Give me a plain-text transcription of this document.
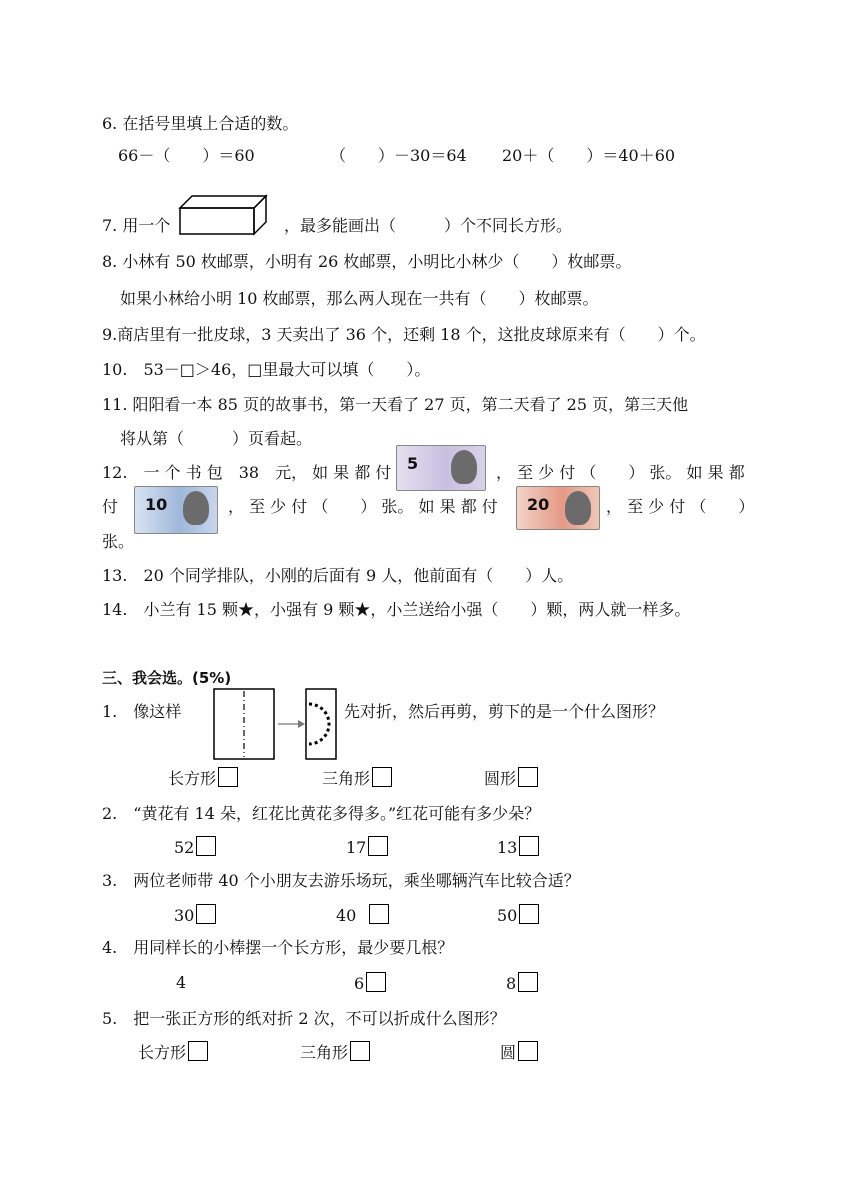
6. 在括号里填上合适的数。
66－（　　）＝60	（　　）－30＝64 20＋（　　）＝40＋60
7. 用一个	，最多能画出（　　　）个不同长方形。
8. 小林有 50 枚邮票，小明有 26 枚邮票，小明比小林少（　　）枚邮票。
如果小林给小明 10 枚邮票，那么两人现在一共有（　　）枚邮票。
9.商店里有一批皮球，3 天卖出了 36 个，还剩 18 个，这批皮球原来有（　　）个。
10.　53－□＞46，□里最大可以填（　　）。
11. 阳阳看一本 85 页的故事书，第一天看了 27 页，第二天看了 25 页，第三天他
将从第（　　　）页看起。
12.　一 个 书 包　38　元， 如 果 都 付 5	， 至 少 付 （　　） 张。 如 果 都
付 10	， 至 少 付 （　　） 张。 如 果 都 付 20	， 至 少 付 （　　）
张。
13.　20 个同学排队，小刚的后面有 9 人，他前面有（　　）人。
14.　小兰有 15 颗★，小强有 9 颗★，小兰送给小强（　　）颗，两人就一样多。
三、我会选。(5%)
1.　像这样	先对折，然后再剪，剪下的是一个什么图形？
长方形	三角形	圆形
2.　“黄花有 14 朵，红花比黄花多得多。”红花可能有多少朵？
52	17	13
3.　两位老师带 40 个小朋友去游乐场玩，乘坐哪辆汽车比较合适？
30	40	50
4.　用同样长的小棒摆一个长方形，最少要几根？
4	6	8
5.　把一张正方形的纸对折 2 次，不可以折成什么图形？
长方形	三角形	圆
